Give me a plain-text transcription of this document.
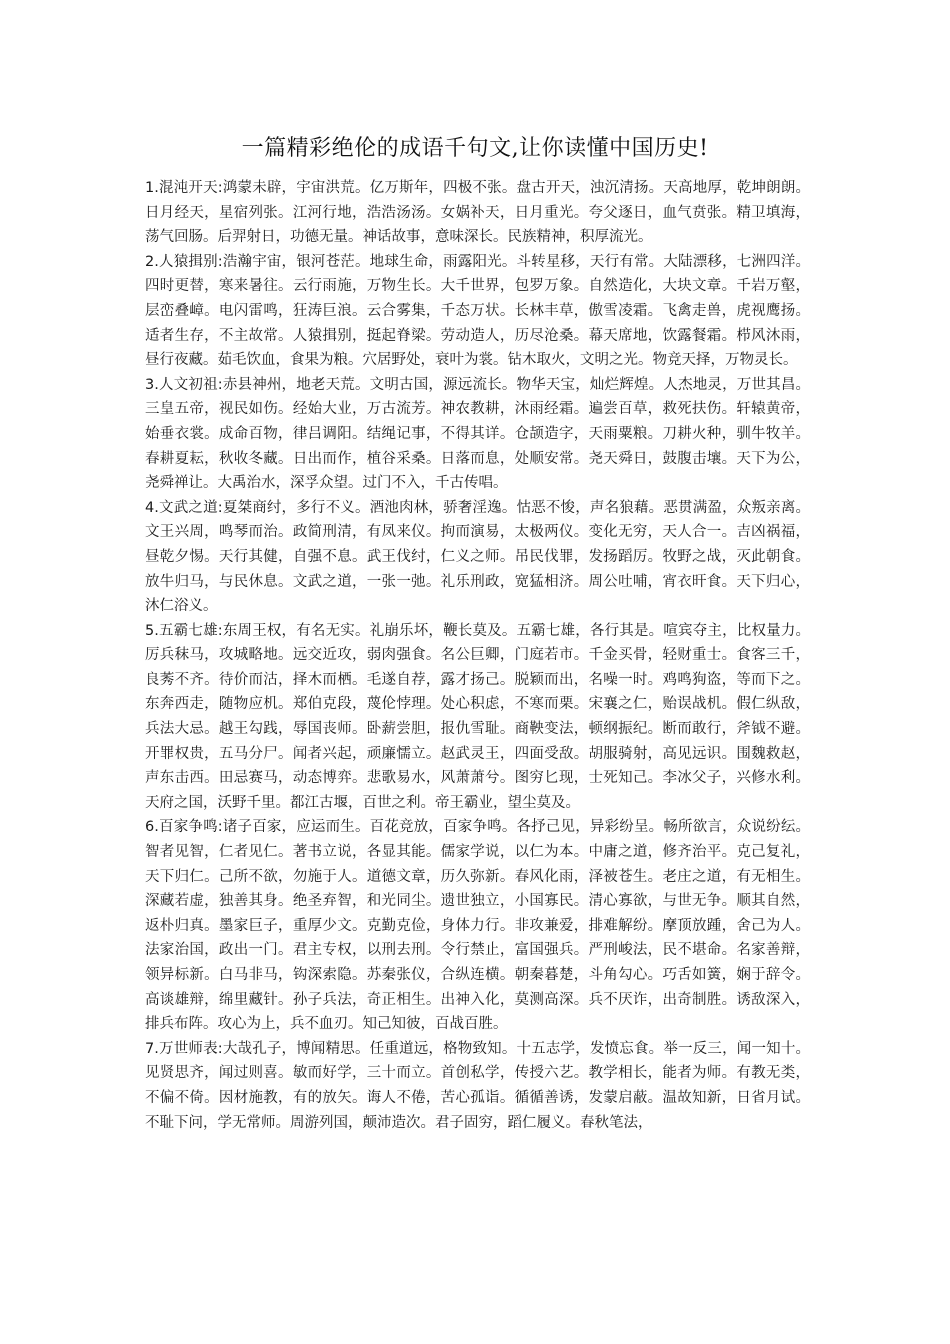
一篇精彩绝伦的成语千句文,让你读懂中国历史!

1.混沌开天:鸿蒙未辟，宇宙洪荒。亿万斯年，四极不张。盘古开天，浊沉清扬。天高地厚，乾坤朗朗。日月经天，星宿列张。江河行地，浩浩汤汤。女娲补天，日月重光。夸父逐日，血气贲张。精卫填海，荡气回肠。后羿射日，功德无量。神话故事，意味深长。民族精神，积厚流光。

2.人猿揖别:浩瀚宇宙，银河苍茫。地球生命，雨露阳光。斗转星移，天行有常。大陆漂移，七洲四洋。四时更替，寒来暑往。云行雨施，万物生长。大千世界，包罗万象。自然造化，大块文章。千岩万壑，层峦叠嶂。电闪雷鸣，狂涛巨浪。云合雾集，千态万状。长林丰草，傲雪凌霜。飞禽走兽，虎视鹰扬。适者生存，不主故常。人猿揖别，挺起脊梁。劳动造人，历尽沧桑。幕天席地，饮露餐霜。栉风沐雨，昼行夜藏。茹毛饮血，食果为粮。穴居野处，衰叶为裳。钻木取火，文明之光。物竞天择，万物灵长。

3.人文初祖:赤县神州，地老天荒。文明古国，源远流长。物华天宝，灿烂辉煌。人杰地灵，万世其昌。三皇五帝，视民如伤。经始大业，万古流芳。神农教耕，沐雨经霜。遍尝百草，救死扶伤。轩辕黄帝，始垂衣裳。成命百物，律吕调阳。结绳记事，不得其详。仓颉造字，天雨粟粮。刀耕火种，驯牛牧羊。春耕夏耘，秋收冬藏。日出而作，植谷采桑。日落而息，处顺安常。尧天舜日，鼓腹击壤。天下为公，尧舜禅让。大禹治水，深孚众望。过门不入，千古传唱。

4.文武之道:夏桀商纣，多行不义。酒池肉林，骄奢淫逸。怙恶不悛，声名狼藉。恶贯满盈，众叛亲离。文王兴周，鸣琴而治。政简刑清，有凤来仪。拘而演易，太极两仪。变化无穷，天人合一。吉凶祸福，昼乾夕惕。天行其健，自强不息。武王伐纣，仁义之师。吊民伐罪，发扬蹈厉。牧野之战，灭此朝食。放牛归马，与民休息。文武之道，一张一弛。礼乐刑政，宽猛相济。周公吐哺，宵衣旰食。天下归心，沐仁浴义。

5.五霸七雄:东周王权，有名无实。礼崩乐坏，鞭长莫及。五霸七雄，各行其是。喧宾夺主，比权量力。厉兵秣马，攻城略地。远交近攻，弱肉强食。名公巨卿，门庭若市。千金买骨，轻财重士。食客三千，良莠不齐。待价而沽，择木而栖。毛遂自荐，露才扬己。脱颖而出，名噪一时。鸡鸣狗盗，等而下之。东奔西走，随物应机。郑伯克段，蔑伦悖理。处心积虑，不寒而栗。宋襄之仁，贻误战机。假仁纵敌，兵法大忌。越王勾践，辱国丧师。卧薪尝胆，报仇雪耻。商鞅变法，顿纲振纪。断而敢行，斧钺不避。开罪权贵，五马分尸。闻者兴起，顽廉懦立。赵武灵王，四面受敌。胡服骑射，高见远识。围魏救赵，声东击西。田忌赛马，动态博弈。悲歌易水，风萧萧兮。图穷匕现，士死知己。李冰父子，兴修水利。天府之国，沃野千里。都江古堰，百世之利。帝王霸业，望尘莫及。

6.百家争鸣:诸子百家，应运而生。百花竞放，百家争鸣。各抒己见，异彩纷呈。畅所欲言，众说纷纭。智者见智，仁者见仁。著书立说，各显其能。儒家学说，以仁为本。中庸之道，修齐治平。克己复礼，天下归仁。己所不欲，勿施于人。道德文章，历久弥新。春风化雨，泽被苍生。老庄之道，有无相生。深藏若虚，独善其身。绝圣弃智，和光同尘。遗世独立，小国寡民。清心寡欲，与世无争。顺其自然，返朴归真。墨家巨子，重厚少文。克勤克俭，身体力行。非攻兼爱，排难解纷。摩顶放踵，舍己为人。法家治国，政出一门。君主专权，以刑去刑。令行禁止，富国强兵。严刑峻法，民不堪命。名家善辩，领异标新。白马非马，钩深索隐。苏秦张仪，合纵连横。朝秦暮楚，斗角勾心。巧舌如簧，娴于辞令。高谈雄辩，绵里藏针。孙子兵法，奇正相生。出神入化，莫测高深。兵不厌诈，出奇制胜。诱敌深入，排兵布阵。攻心为上，兵不血刃。知己知彼，百战百胜。

7.万世师表:大哉孔子，博闻精思。任重道远，格物致知。十五志学，发愤忘食。举一反三，闻一知十。见贤思齐，闻过则喜。敏而好学，三十而立。首创私学，传授六艺。教学相长，能者为师。有教无类，不偏不倚。因材施教，有的放矢。诲人不倦，苦心孤诣。循循善诱，发蒙启蔽。温故知新，日省月试。不耻下问，学无常师。周游列国，颠沛造次。君子固穷，蹈仁履义。春秋笔法，
